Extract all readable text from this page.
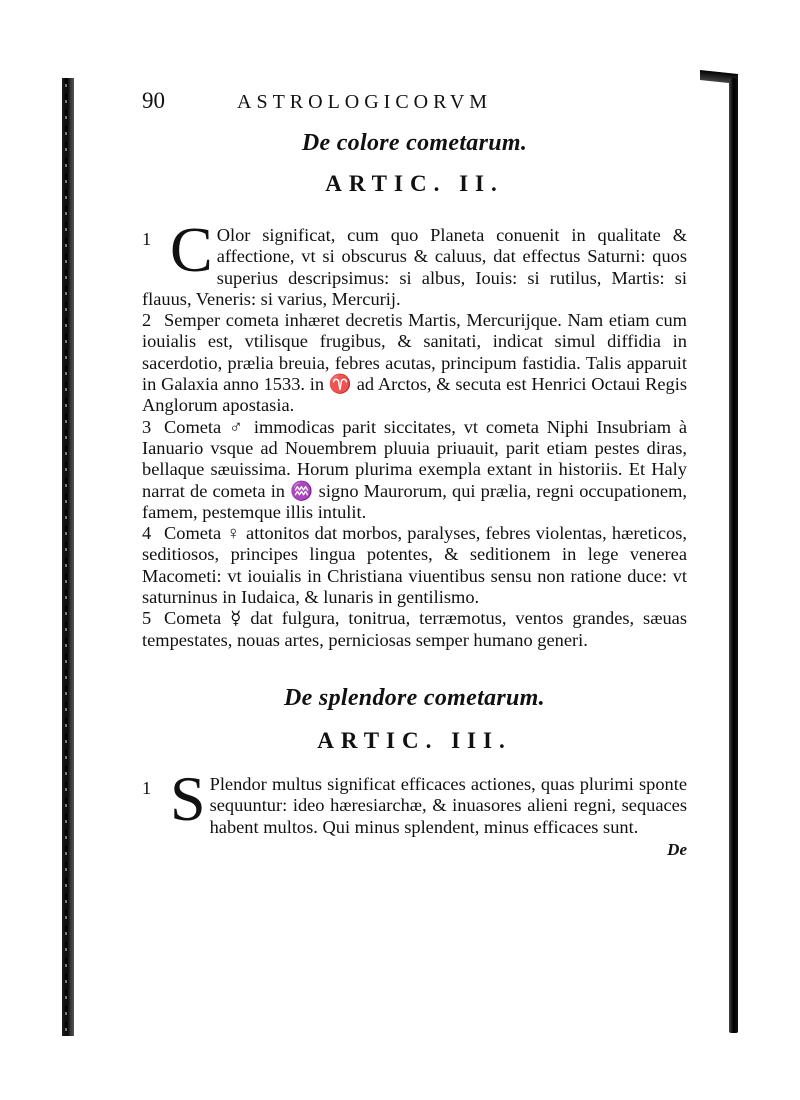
90	ASTROLOGICORVM
De colore cometarum.
ARTIC. II.

1 C Olor significat, cum quo Planeta conuenit in qualitate & affectione, vt si obscurus & caluus, dat effectus Saturni: quos superius descripsimus: si albus, Iouis: si rutilus, Martis: si flauus, Veneris: si varius, Mercurij.

2 Semper cometa inhæret decretis Martis, Mercurijque. Nam etiam cum iouialis est, vtilisque frugibus, & sanitati, indicat simul diffidia in sacerdotio, prælia breuia, febres acutas, principum fastidia. Talis apparuit in Galaxia anno 1533. in ♈ ad Arctos, & secuta est Henrici Octaui Regis Anglorum apostasia.

3 Cometa ♂ immodicas parit siccitates, vt cometa Niphi Insubriam à Ianuario vsque ad Nouembrem pluuia priuauit, parit etiam pestes diras, bellaque sæuissima. Horum plurima exempla extant in historiis. Et Haly narrat de cometa in ♒ signo Maurorum, qui prælia, regni occupationem, famem, pestemque illis intulit.

4 Cometa ♀ attonitos dat morbos, paralyses, febres violentas, hæreticos, seditiosos, principes lingua potentes, & seditionem in lege venerea Macometi: vt iouialis in Christiana viuentibus sensu non ratione duce: vt saturninus in Iudaica, & lunaris in gentilismo.

5 Cometa ☿ dat fulgura, tonitrua, terræmotus, ventos grandes, sæuas tempestates, nouas artes, perniciosas semper humano generi.

De splendore cometarum.
ARTIC. III.

1 S Plendor multus significat efficaces actiones, quas plurimi sponte sequuntur: ideo hæresiarchæ, & inuasores alieni regni, sequaces habent multos. Qui minus splendent, minus efficaces sunt.

De
